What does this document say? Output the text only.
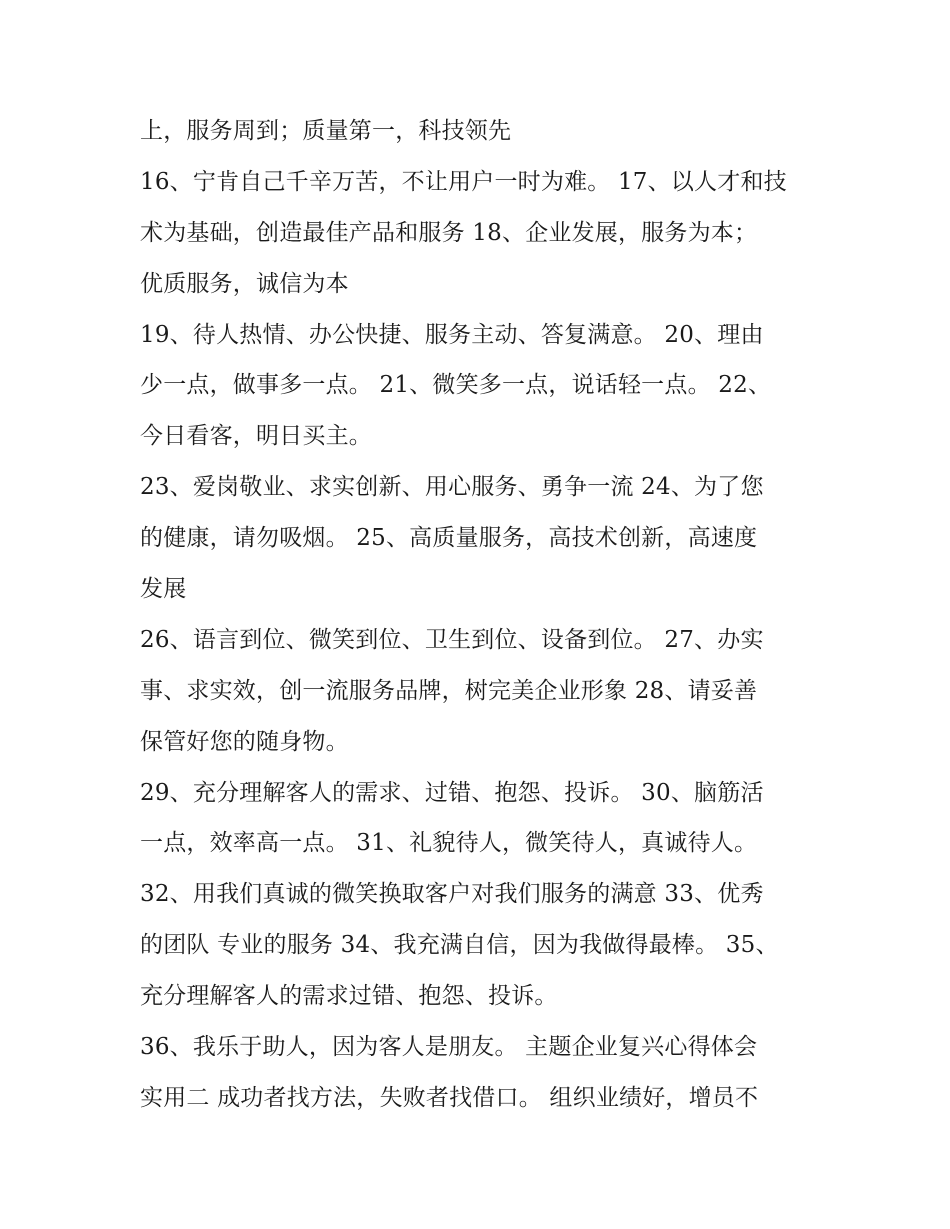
上，服务周到；质量第一，科技领先
16、宁肯自己千辛万苦，不让用户一时为难。 17、以人才和技
术为基础，创造最佳产品和服务 18、企业发展，服务为本；
优质服务，诚信为本
19、待人热情、办公快捷、服务主动、答复满意。 20、理由
少一点，做事多一点。 21、微笑多一点，说话轻一点。 22、
今日看客，明日买主。
23、爱岗敬业、求实创新、用心服务、勇争一流 24、为了您
的健康，请勿吸烟。 25、高质量服务，高技术创新，高速度
发展
26、语言到位、微笑到位、卫生到位、设备到位。 27、办实
事、求实效，创一流服务品牌，树完美企业形象 28、请妥善
保管好您的随身物。
29、充分理解客人的需求、过错、抱怨、投诉。 30、脑筋活
一点，效率高一点。 31、礼貌待人，微笑待人，真诚待人。
32、用我们真诚的微笑换取客户对我们服务的满意 33、优秀
的团队 专业的服务 34、我充满自信，因为我做得最棒。 35、
充分理解客人的需求过错、抱怨、投诉。
36、我乐于助人，因为客人是朋友。 主题企业复兴心得体会
实用二 成功者找方法，失败者找借口。 组织业绩好，增员不
